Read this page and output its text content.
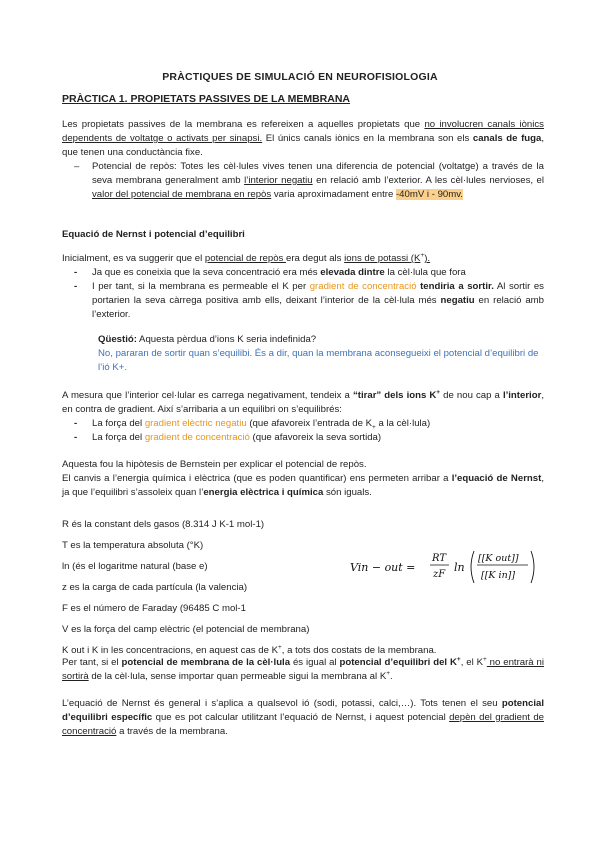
PRÀCTIQUES DE SIMULACIÓ EN NEUROFISIOLOGIA
PRÀCTICA 1. PROPIETATS PASSIVES DE LA MEMBRANA

Les propietats passives de la membrana es refereixen a aquelles propietats que no involucren canals iònics dependents de voltatge o activats per sinapsi. El únics canals iònics en la membrana son els canals de fuga, que tenen una conductància fixe.

– Potencial de repòs: Totes les cèl·lules vives tenen una diferencia de potencial (voltatge) a través de la seva membrana generalment amb l’interior negatiu en relació amb l’exterior. A les cèl·lules nervioses, el valor del potencial de membrana en repòs varia aproximadament entre -40mV i - 90mv.
Equació de Nernst i potencial d’equilibri

Inicialment, es va suggerir que el potencial de repòs era degut als ions de potassi (K+).

- Ja que es coneixia que la seva concentració era més elevada dintre la cèl·lula que fora
- I per tant, si la membrana es permeable el K per gradient de concentració tendiria a sortir. Al sortir es portarien la seva càrrega positiva amb ells, deixant l’interior de la cèl·lula més negatiu en relació amb l’exterior.

Qüestió: Aquesta pèrdua d’ions K seria indefinida?

No, pararan de sortir quan s’equilibi. És a dir, quan la membrana aconsegueixi el potencial d’equilibri de l’ió K+.

A mesura que l’interior cel·lular es carrega negativament, tendeix a “tirar” dels ions K+ de nou cap a l’interior, en contra de gradient. Així s’arribaria a un equilibri on s’equilibrés:

- La força del gradient elèctric negatiu (que afavoreix l’entrada de $K_+$ a la cèl·lula)
- La força del gradient de concentració (que afavoreix la seva sortida)

Aquesta fou la hipòtesis de Bernstein per explicar el potencial de repòs.

El canvis a l’energia química i elèctrica (que es poden quantificar) ens permeten arribar a l’equació de Nernst, ja que l’equilibri s’assoleix quan l’energia elèctrica i química són iguals.

R és la constant dels gasos (8.314 J K-1 mol-1)
T es la temperatura absoluta (°K)
ln (és el logaritme natural (base e)
z es la carga de cada partícula (la valencia)
F es el número de Faraday (96485 C mol-1
V es la força del camp elèctric (el potencial de membrana)
K out i K in les concentracions, en aquest cas de K+, a tots dos costats de la membrana.
Vin − out =
RT
zF
ln
[[K out]]
[[K in]]

Per tant, si el potencial de membrana de la cèl·lula és igual al potencial d’equilibri del K+, el K+ no entrarà ni sortirà de la cèl·lula, sense importar quan permeable sigui la membrana al K+.

L’equació de Nernst és general i s’aplica a qualsevol ió (sodi, potassi, calci,…). Tots tenen el seu potencial d’equilibri específic que es pot calcular utilitzant l’equació de Nernst, i aquest potencial depèn del gradient de concentració a través de la membrana.
